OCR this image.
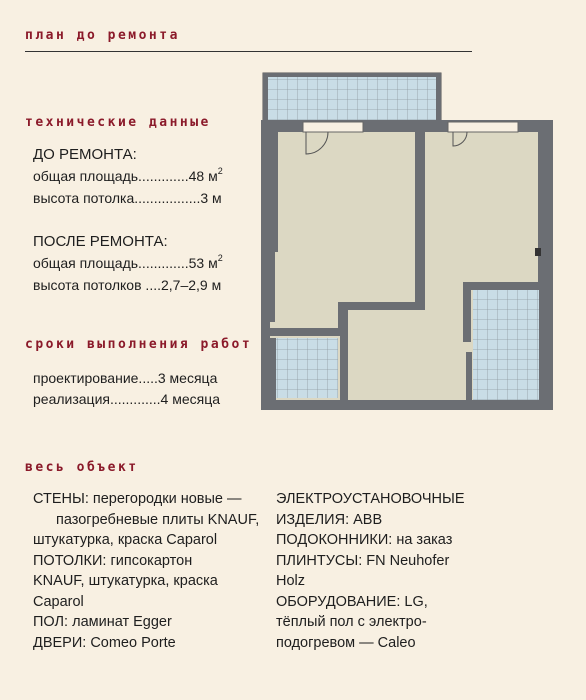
план до ремонта
технические данные
ДО РЕМОНТА:
общая площадь.............48 $м^2$
высота потолка.................3 м
ПОСЛЕ РЕМОНТА:
общая площадь.............53 $м^2$
высота потолков ....2,7–2,9 м
сроки выполнения работ
проектирование.....3 месяца
реализация.............4 месяца
весь объект
СТЕНЫ: перегородки новые —
пазогребневые плиты KNAUF,
штукатурка, краска Caparol
ПОТОЛКИ: гипсокартон
KNAUF, штукатурка, краска
Caparol
ПОЛ: ламинат Egger
ДВЕРИ: Comeo Porte
ЭЛЕКТРОУСТАНОВОЧНЫЕ
ИЗДЕЛИЯ: ABB
ПОДОКОННИКИ: на заказ
ПЛИНТУСЫ: FN Neuhofer
Holz
ОБОРУДОВАНИЕ: LG,
тёплый пол с электро-
подогревом — Caleo
